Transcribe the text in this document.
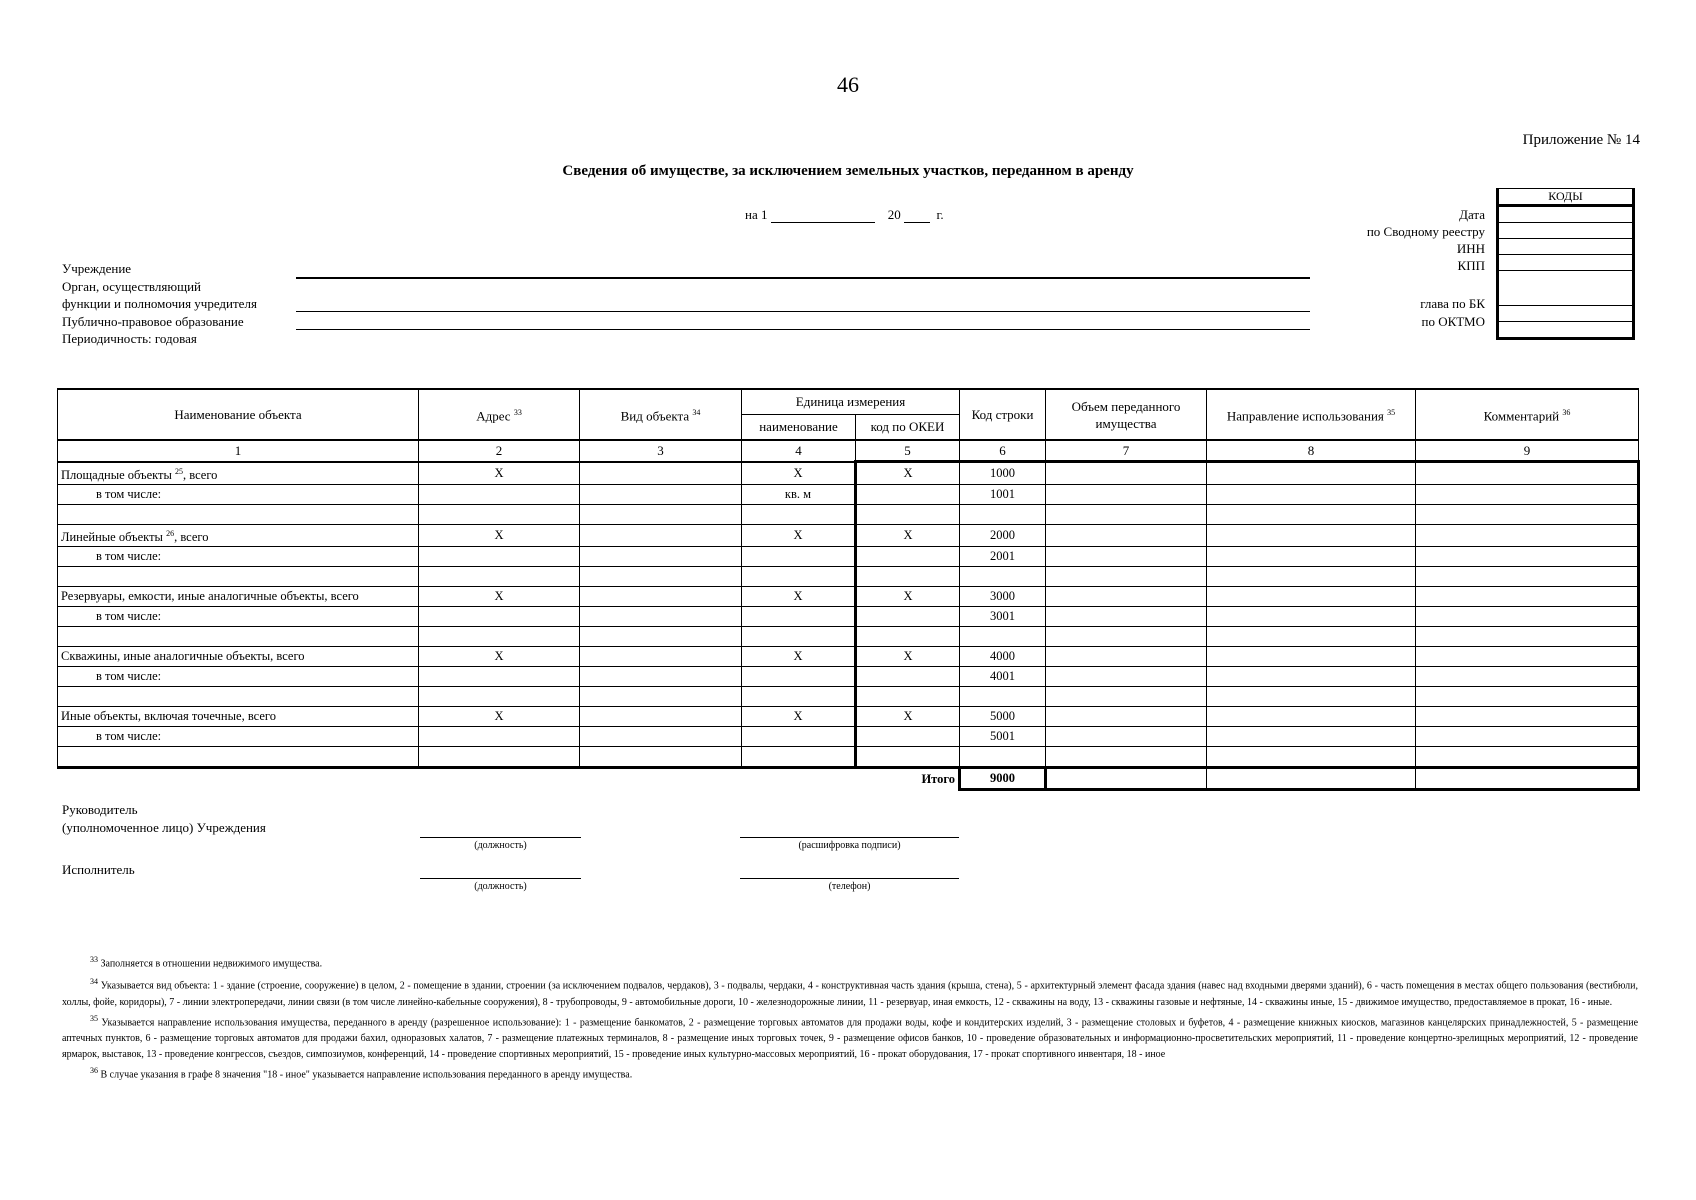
46
Приложение № 14
Сведения об имуществе, за исключением земельных участков, переданном в аренду
на 1	20	г.	Дата
по Сводному реестру
ИНН
КПП
глава по БК
по ОКТМО
КОДЫ

Учреждение
Орган, осуществляющий
функции и полномочия учредителя
Публично-правовое образование
Периодичность: годовая
Наименование объекта	Адрес $^{33}$	Вид объекта $^{34}$	Единица измерения		Код строки	Объем переданного имущества	Направление использования $^{35}$	Комментарий $^{36}$
			наименование	код по ОКЕИ				
1	2	3	4	5	6	7	8	9
Площадные объекты $^{25}$, всего	X		X	X	1000			
в том числе:			кв. м		1001			

Линейные объекты $^{26}$, всего	X		X	X	2000			
в том числе:					2001			

Резервуары, емкости, иные аналогичные объекты, всего	X		X	X	3000			
в том числе:					3001			

Скважины, иные аналогичные объекты, всего	X		X	X	4000			
в том числе:					4001			

Иные объекты, включая точечные, всего	X		X	X	5000			
в том числе:					5001			

Итого					9000			
Руководитель
(уполномоченное лицо) Учреждения
(должность)	(расшифровка подписи)
Исполнитель
(должность)	(телефон)

$^{33}$ Заполняется в отношении недвижимого имущества.

$^{34}$ Указывается вид объекта: 1 - здание (строение, сооружение) в целом, 2 - помещение в здании, строении (за исключением подвалов, чердаков), 3 - подвалы, чердаки, 4 - конструктивная часть здания (крыша, стена), 5 - архитектурный элемент фасада здания (навес над входными дверями зданий), 6 - часть помещения в местах общего пользования (вестибюли, холлы, фойе, коридоры), 7 - линии электропередачи, линии связи (в том числе линейно-кабельные сооружения), 8 - трубопроводы, 9 - автомобильные дороги, 10 - железнодорожные линии, 11 - резервуар, иная емкость, 12 - скважины на воду, 13 - скважины газовые и нефтяные, 14 - скважины иные, 15 - движимое имущество, предоставляемое в прокат, 16 - иные.

$^{35}$ Указывается направление использования имущества, переданного в аренду (разрешенное использование): 1 - размещение банкоматов, 2 - размещение торговых автоматов для продажи воды, кофе и кондитерских изделий, 3 - размещение столовых и буфетов, 4 - размещение книжных киосков, магазинов канцелярских принадлежностей, 5 - размещение аптечных пунктов, 6 - размещение торговых автоматов для продажи бахил, одноразовых халатов, 7 - размещение платежных терминалов, 8 - размещение иных торговых точек, 9 - размещение офисов банков, 10 - проведение образовательных и информационно-просветительских мероприятий, 11 - проведение концертно-зрелищных мероприятий, 12 - проведение ярмарок, выставок, 13 - проведение конгрессов, съездов, симпозиумов, конференций, 14 - проведение спортивных мероприятий, 15 - проведение иных культурно-массовых мероприятий, 16 - прокат оборудования, 17 - прокат спортивного инвентаря, 18 - иное

$^{36}$ В случае указания в графе 8 значения "18 - иное" указывается направление использования переданного в аренду имущества.
